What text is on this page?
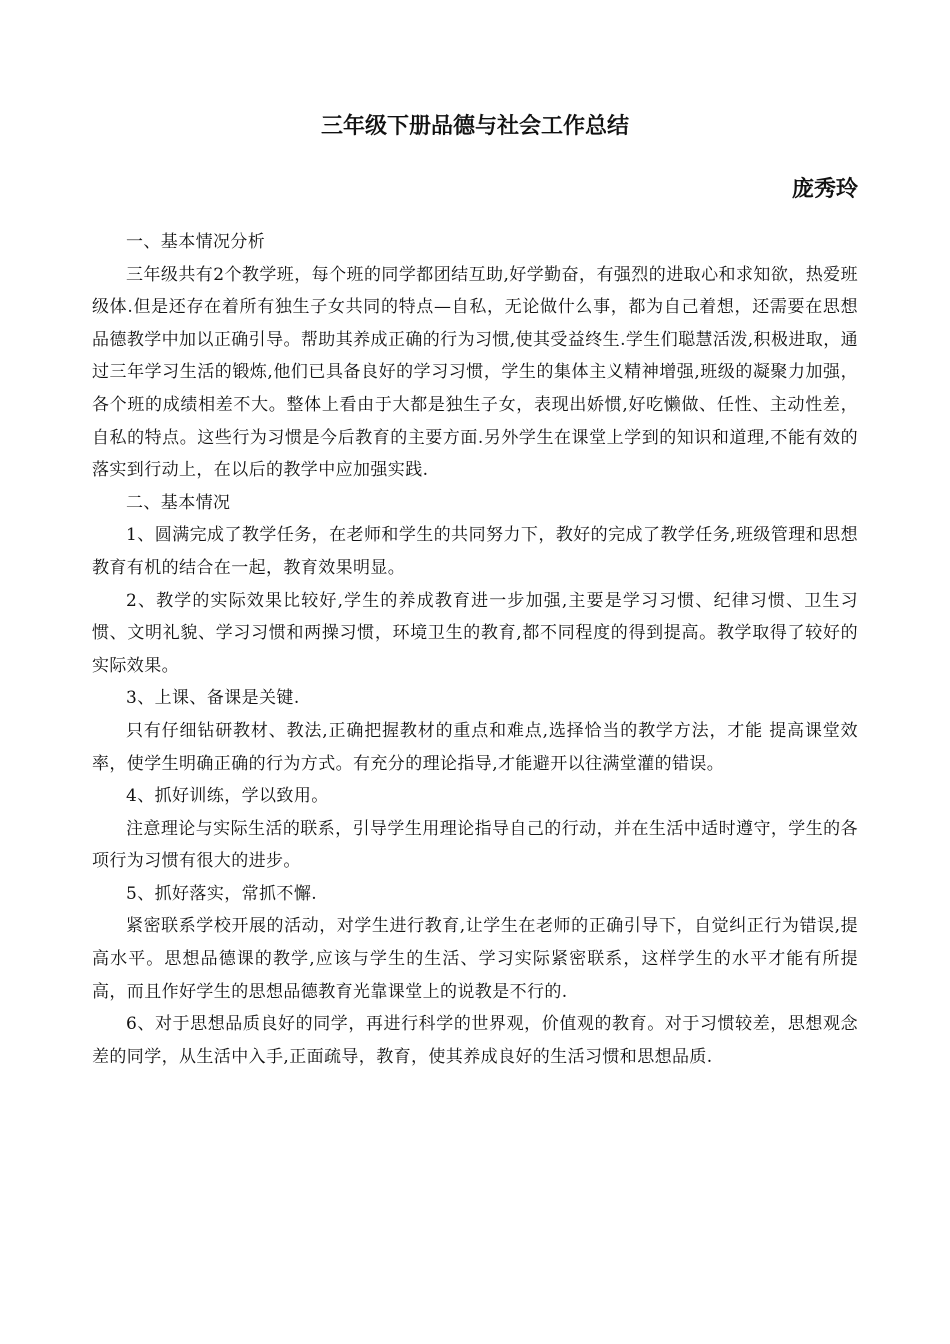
三年级下册品德与社会工作总结
庞秀玲

一、基本情况分析

三年级共有2个教学班，每个班的同学都团结互助,好学勤奋，有强烈的进取心和求知欲，热爱班级体.但是还存在着所有独生子女共同的特点—自私，无论做什么事，都为自己着想，还需要在思想品德教学中加以正确引导。帮助其养成正确的行为习惯,使其受益终生.学生们聪慧活泼,积极进取，通过三年学习生活的锻炼,他们已具备良好的学习习惯，学生的集体主义精神增强,班级的凝聚力加强，各个班的成绩相差不大。整体上看由于大都是独生子女，表现出娇惯,好吃懒做、任性、主动性差，自私的特点。这些行为习惯是今后教育的主要方面.另外学生在课堂上学到的知识和道理,不能有效的落实到行动上，在以后的教学中应加强实践.

二、基本情况

1、圆满完成了教学任务，在老师和学生的共同努力下，教好的完成了教学任务,班级管理和思想教育有机的结合在一起，教育效果明显。

2、教学的实际效果比较好,学生的养成教育进一步加强,主要是学习习惯、纪律习惯、卫生习惯、文明礼貌、学习习惯和两操习惯，环境卫生的教育,都不同程度的得到提高。教学取得了较好的实际效果。

3、上课、备课是关键.

只有仔细钻研教材、教法,正确把握教材的重点和难点,选择恰当的教学方法，才能 提高课堂效率，使学生明确正确的行为方式。有充分的理论指导,才能避开以往满堂灌的错误。

4、抓好训练，学以致用。

注意理论与实际生活的联系，引导学生用理论指导自己的行动，并在生活中适时遵守，学生的各项行为习惯有很大的进步。

5、抓好落实，常抓不懈.

紧密联系学校开展的活动，对学生进行教育,让学生在老师的正确引导下，自觉纠正行为错误,提高水平。思想品德课的教学,应该与学生的生活、学习实际紧密联系，这样学生的水平才能有所提高，而且作好学生的思想品德教育光靠课堂上的说教是不行的.

6、对于思想品质良好的同学，再进行科学的世界观，价值观的教育。对于习惯较差，思想观念差的同学，从生活中入手,正面疏导，教育，使其养成良好的生活习惯和思想品质.
